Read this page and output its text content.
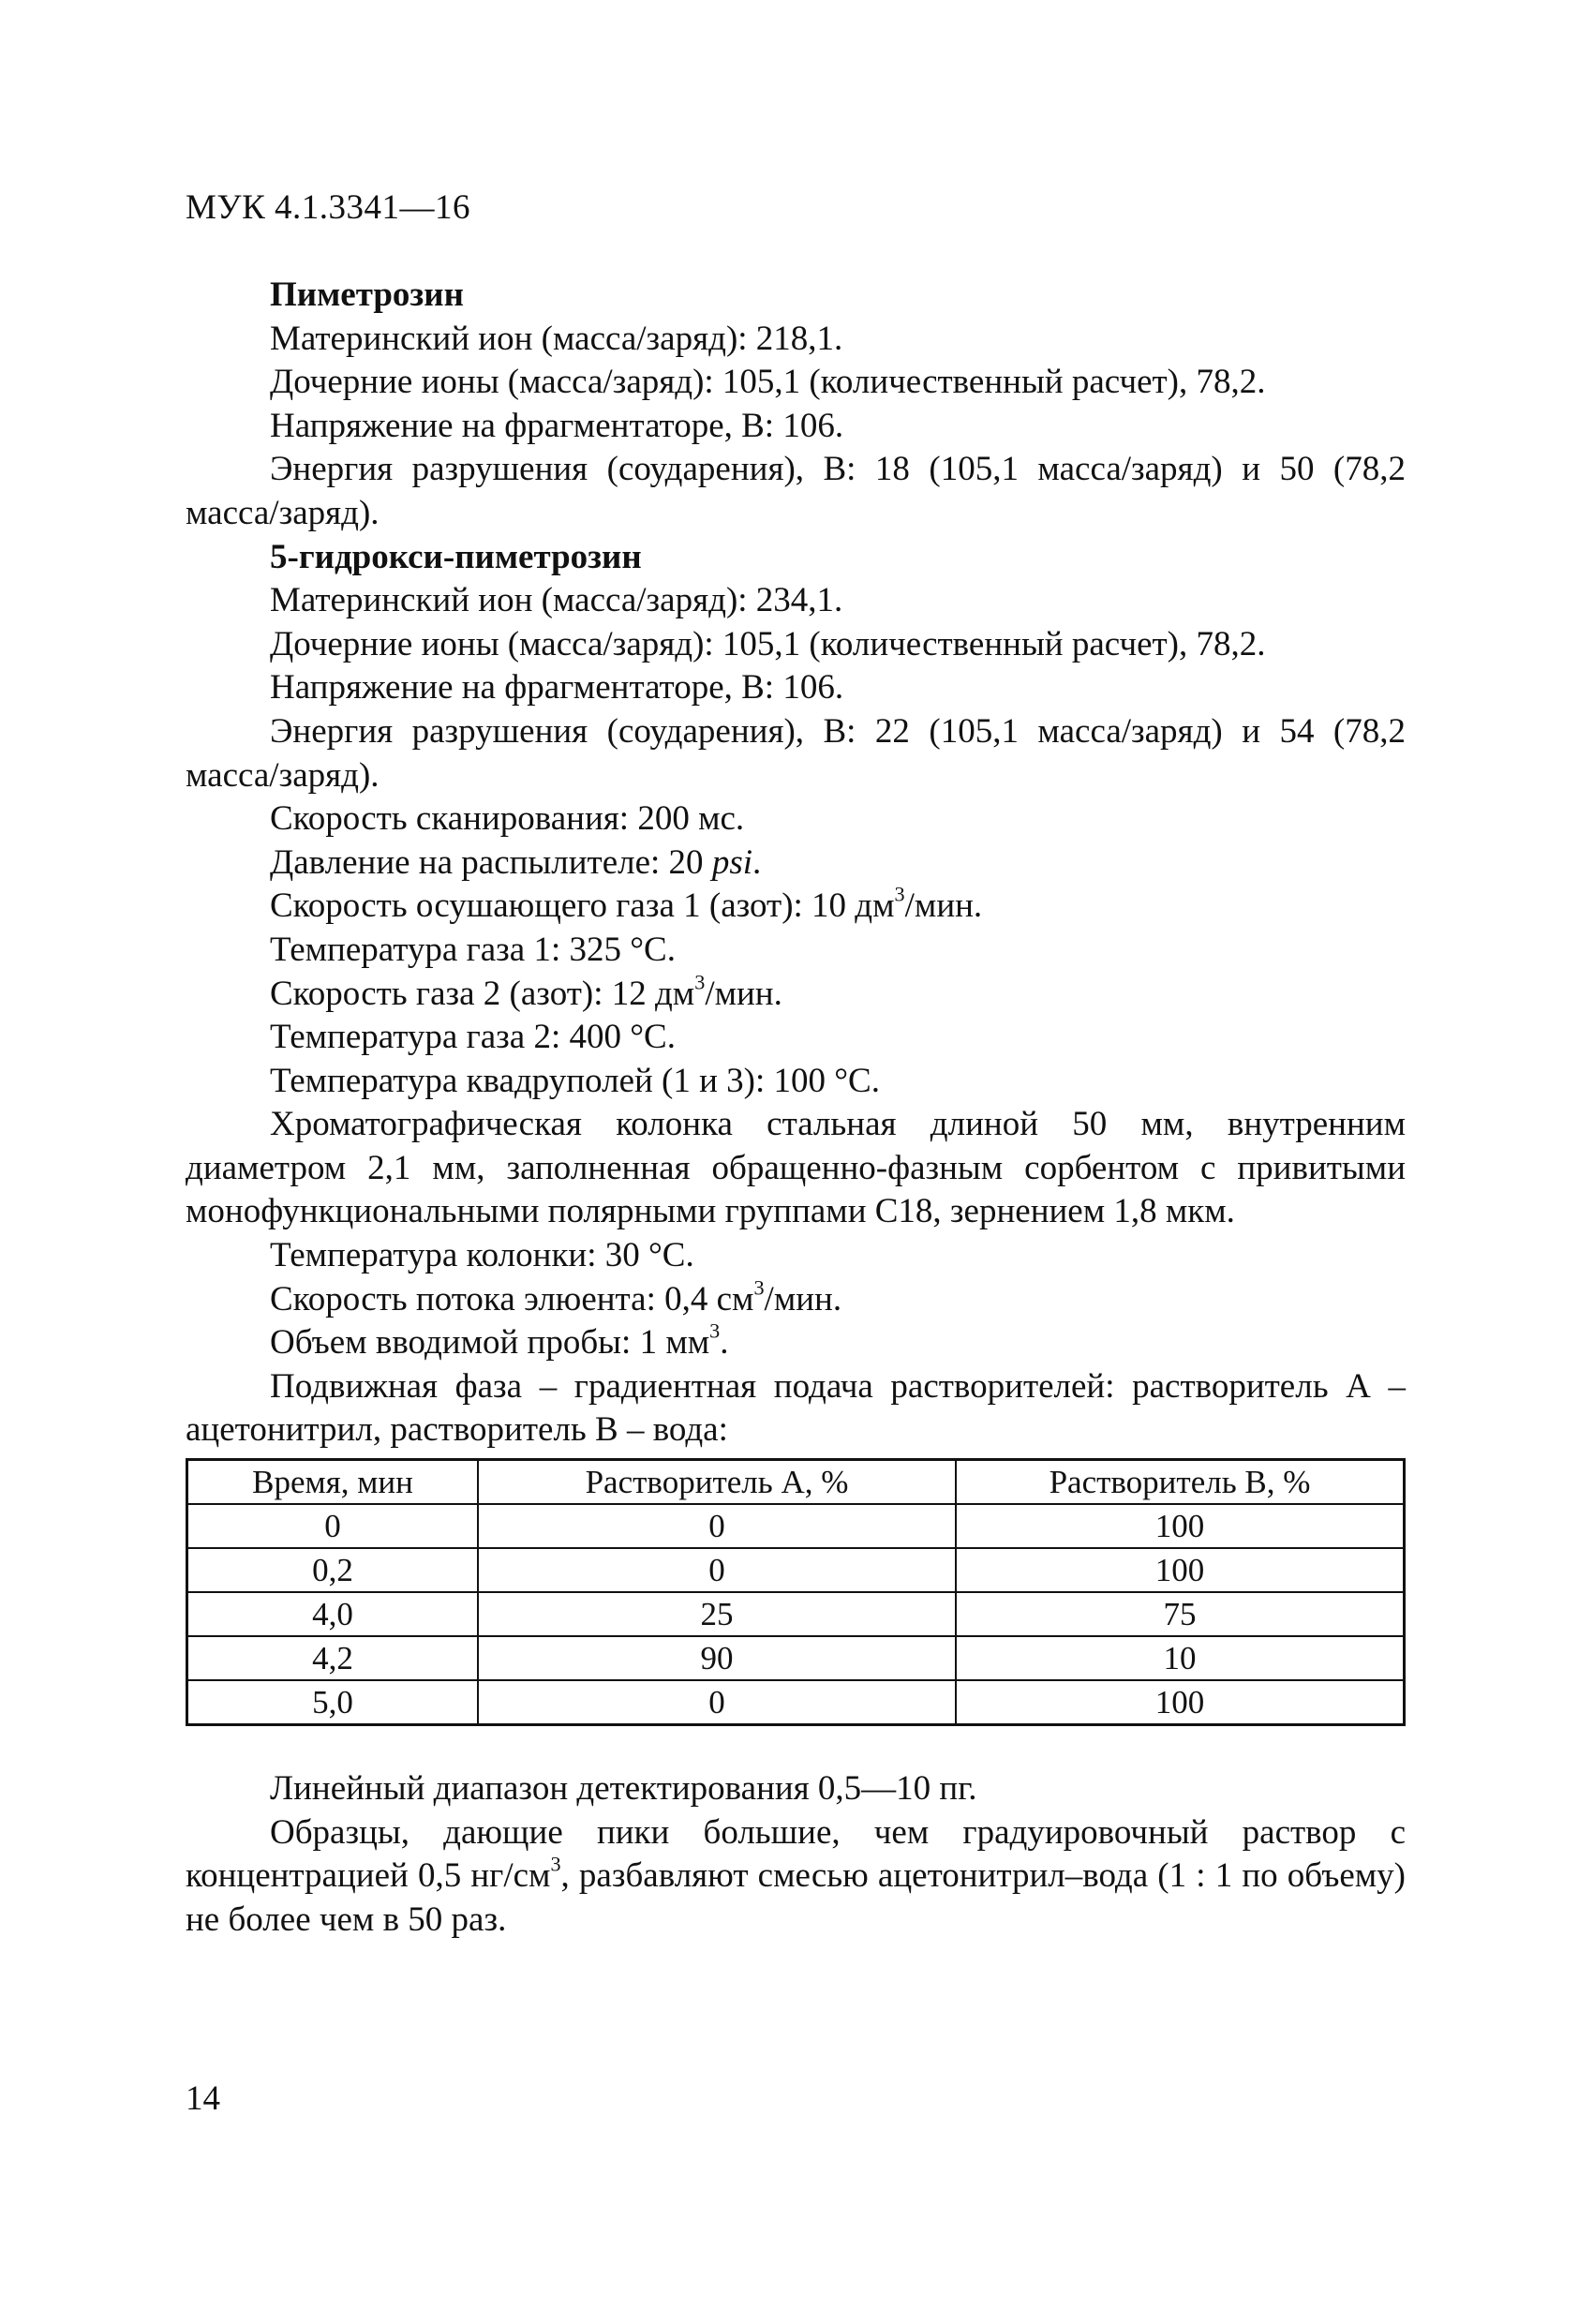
МУК 4.1.3341—16

Пиметрозин

Материнский ион (масса/заряд): 218,1.

Дочерние ионы (масса/заряд): 105,1 (количественный расчет), 78,2.

Напряжение на фрагментаторе, В: 106.

Энергия разрушения (соударения), В: 18 (105,1 масса/заряд) и 50 (78,2 масса/заряд).

5-гидрокси-пиметрозин

Материнский ион (масса/заряд): 234,1.

Дочерние ионы (масса/заряд): 105,1 (количественный расчет), 78,2.

Напряжение на фрагментаторе, В: 106.

Энергия разрушения (соударения), В: 22 (105,1 масса/заряд) и 54 (78,2 масса/заряд).

Скорость сканирования: 200 мс.

Давление на распылителе: 20 psi.

Скорость осушающего газа 1 (азот): 10 $дм^3$/мин.

Температура газа 1: 325 °С.

Скорость газа 2 (азот): 12 $дм^3$/мин.

Температура газа 2: 400 °С.

Температура квадруполей (1 и 3): 100 °С.

Хроматографическая колонка стальная длиной 50 мм, внутренним диаметром 2,1 мм, заполненная обращенно-фазным сорбентом с привитыми монофункциональными полярными группами С18, зернением 1,8 мкм.

Температура колонки: 30 °С.

Скорость потока элюента: 0,4 $см^3$/мин.

Объем вводимой пробы: 1 $мм^3$.

Подвижная фаза – градиентная подача растворителей: растворитель А – ацетонитрил, растворитель В – вода:

Время, мин	Растворитель А, %	Растворитель В, %
0	0	100
0,2	0	100
4,0	25	75
4,2	90	10
5,0	0	100

Линейный диапазон детектирования 0,5—10 пг.

Образцы, дающие пики большие, чем градуировочный раствор с концентрацией 0,5 $нг/см^3$, разбавляют смесью ацетонитрил–вода (1 : 1 по объему) не более чем в 50 раз.

14
